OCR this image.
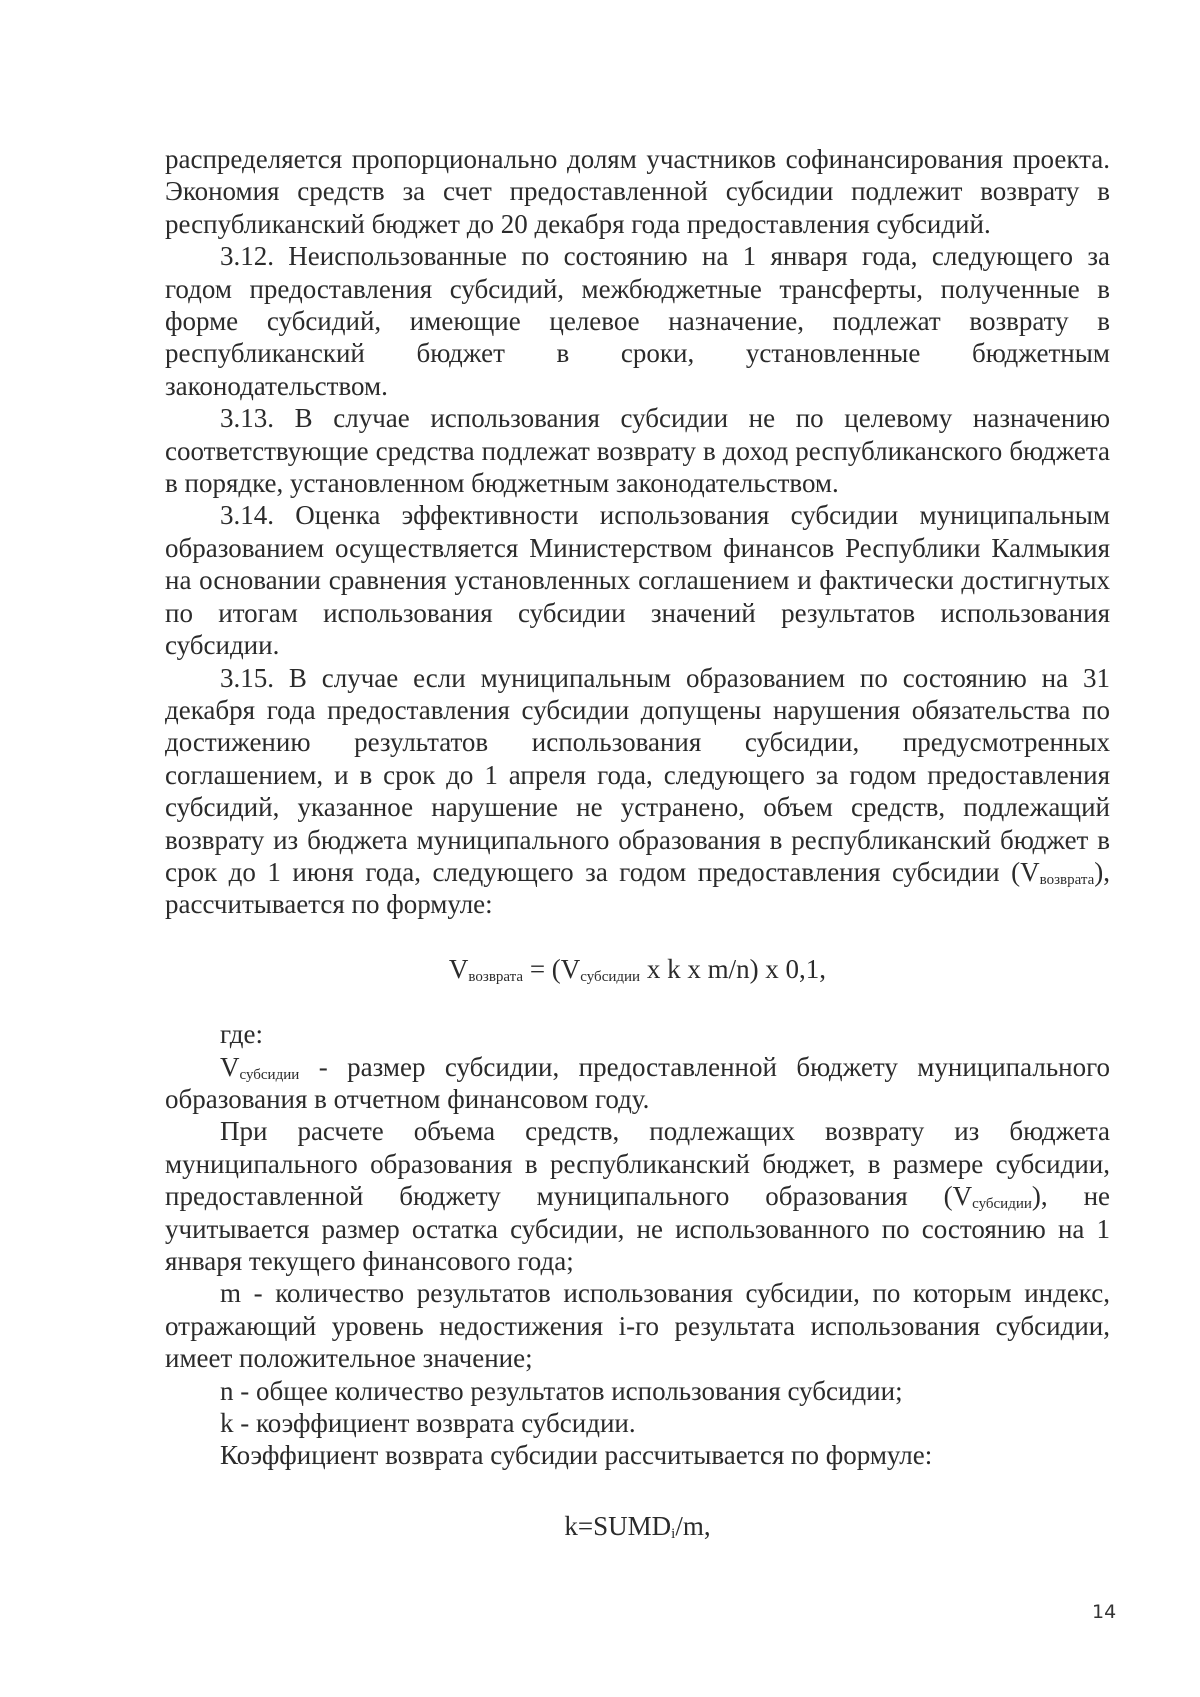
распределяется пропорционально долям участников софинансирования проекта. Экономия средств за счет предоставленной субсидии подлежит возврату в республиканский бюджет до 20 декабря года предоставления субсидий.

3.12. Неиспользованные по состоянию на 1 января года, следующего за годом предоставления субсидий, межбюджетные трансферты, полученные в форме субсидий, имеющие целевое назначение, подлежат возврату в республиканский бюджет в сроки, установленные бюджетным законодательством.

3.13. В случае использования субсидии не по целевому назначению соответствующие средства подлежат возврату в доход республиканского бюджета в порядке, установленном бюджетным законодательством.

3.14. Оценка эффективности использования субсидии муниципальным образованием осуществляется Министерством финансов Республики Калмыкия на основании сравнения установленных соглашением и фактически достигнутых по итогам использования субсидии значений результатов использования субсидии.

3.15. В случае если муниципальным образованием по состоянию на 31 декабря года предоставления субсидии допущены нарушения обязательства по достижению результатов использования субсидии, предусмотренных соглашением, и в срок до 1 апреля года, следующего за годом предоставления субсидий, указанное нарушение не устранено, объем средств, подлежащий возврату из бюджета муниципального образования в республиканский бюджет в срок до 1 июня года, следующего за годом предоставления субсидии $(V_{возврата})$, рассчитывается по формуле:

$V_{возврата} = (V_{субсидии}$ x k x m/n) x 0,1,

где:

$V_{субсидии}$ - размер субсидии, предоставленной бюджету муниципального образования в отчетном финансовом году.

При расчете объема средств, подлежащих возврату из бюджета муниципального образования в республиканский бюджет, в размере субсидии, предоставленной бюджету муниципального образования $(V_{субсидии})$, не учитывается размер остатка субсидии, не использованного по состоянию на 1 января текущего финансового года;

m - количество результатов использования субсидии, по которым индекс, отражающий уровень недостижения i-го результата использования субсидии, имеет положительное значение;

n - общее количество результатов использования субсидии;

k - коэффициент возврата субсидии.

Коэффициент возврата субсидии рассчитывается по формуле:

$k=SUMD_i/m$,

14
